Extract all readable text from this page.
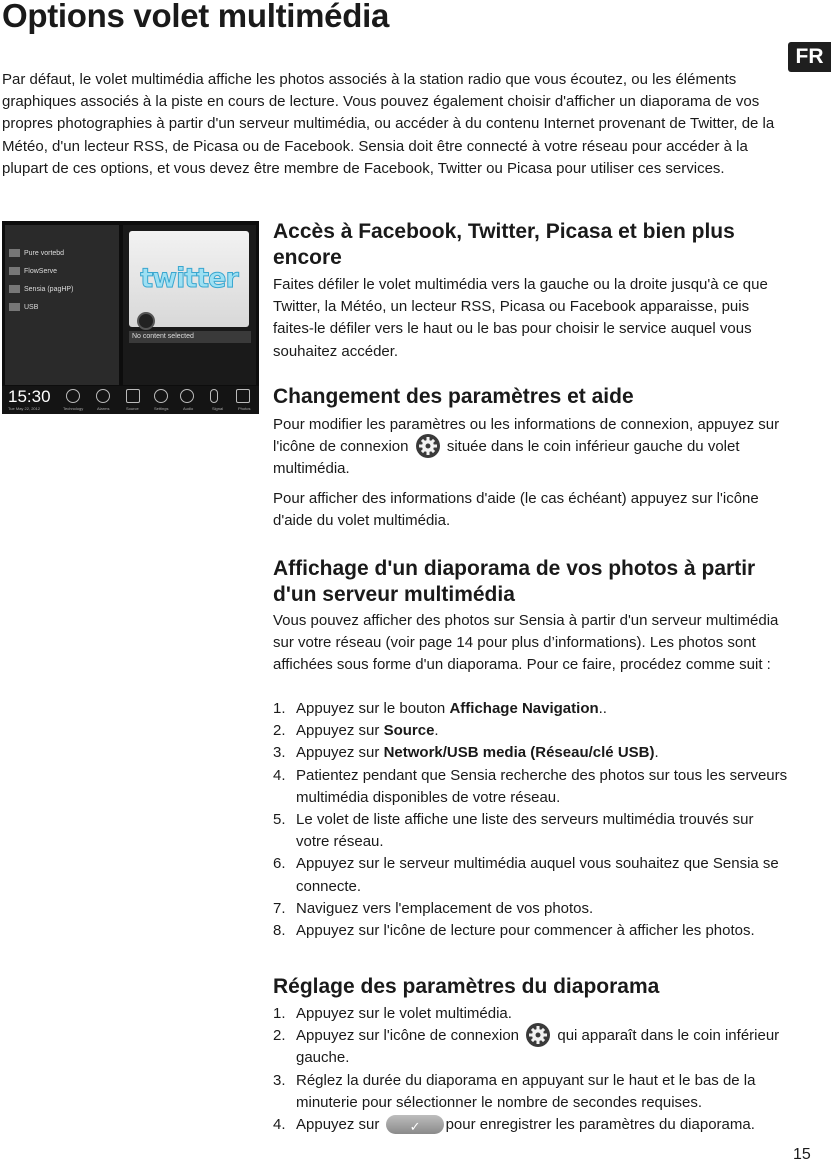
Options volet multimédia
FR

Par défaut, le volet multimédia affiche les photos associés à la station radio que vous écoutez, ou les éléments graphiques associés à la piste en cours de lecture. Vous pouvez également choisir d'afficher un diaporama de vos propres photographies à partir d'un serveur multimédia, ou accéder à du contenu Internet provenant de Twitter, de la Météo, d'un lecteur RSS, de Picasa ou de Facebook. Sensia doit être connecté à votre réseau pour accéder à la plupart de ces options, et vous devez être membre de Facebook, Twitter ou Picasa pour utiliser ces services.

Pure vortebd
FlowServe
Sensia (pagHP)
USB
twitter
No content selected
15:30
Tue May 22, 2012	Technology	Alarms	Source	Settings	Audio	Signal	Photos
Accès à Facebook, Twitter, Picasa et bien plus encore

Faites défiler le volet multimédia vers la gauche ou la droite jusqu'à ce que Twitter, la Météo, un lecteur RSS, Picasa ou Facebook apparaisse, puis faites-le défiler vers le haut ou le bas pour choisir le service auquel vous souhaitez accéder.

Changement des paramètres et aide

Pour modifier les paramètres ou les informations de connexion, appuyez sur l'icône de connexion	située dans le coin inférieur gauche du volet multimédia.

Pour afficher des informations d'aide (le cas échéant) appuyez sur l'icône d'aide du volet multimédia.

Affichage d'un diaporama de vos photos à partir d'un serveur multimédia

Vous pouvez afficher des photos sur Sensia à partir d'un serveur multimédia sur votre réseau (voir page 14 pour plus d’informations). Les photos sont affichées sous forme d'un diaporama. Pour ce faire, procédez comme suit :

1. Appuyez sur le bouton Affichage Navigation..
2. Appuyez sur Source.
3. Appuyez sur Network/USB media (Réseau/clé USB).
4. Patientez pendant que Sensia recherche des photos sur tous les serveurs multimédia disponibles de votre réseau.
5. Le volet de liste affiche une liste des serveurs multimédia trouvés sur votre réseau.
6. Appuyez sur le serveur multimédia auquel vous souhaitez que Sensia se connecte.
7. Naviguez vers l'emplacement de vos photos.
8. Appuyez sur l'icône de lecture pour commencer à afficher les photos.
Réglage des paramètres du diaporama
1. Appuyez sur le volet multimédia.
2. Appuyez sur l'icône de connexion	qui apparaît dans le coin inférieur gauche.
3. Réglez la durée du diaporama en appuyant sur le haut et le bas de la minuterie pour sélectionner le nombre de secondes requises.
4. Appuyez sur ✓ pour enregistrer les paramètres du diaporama.
15
